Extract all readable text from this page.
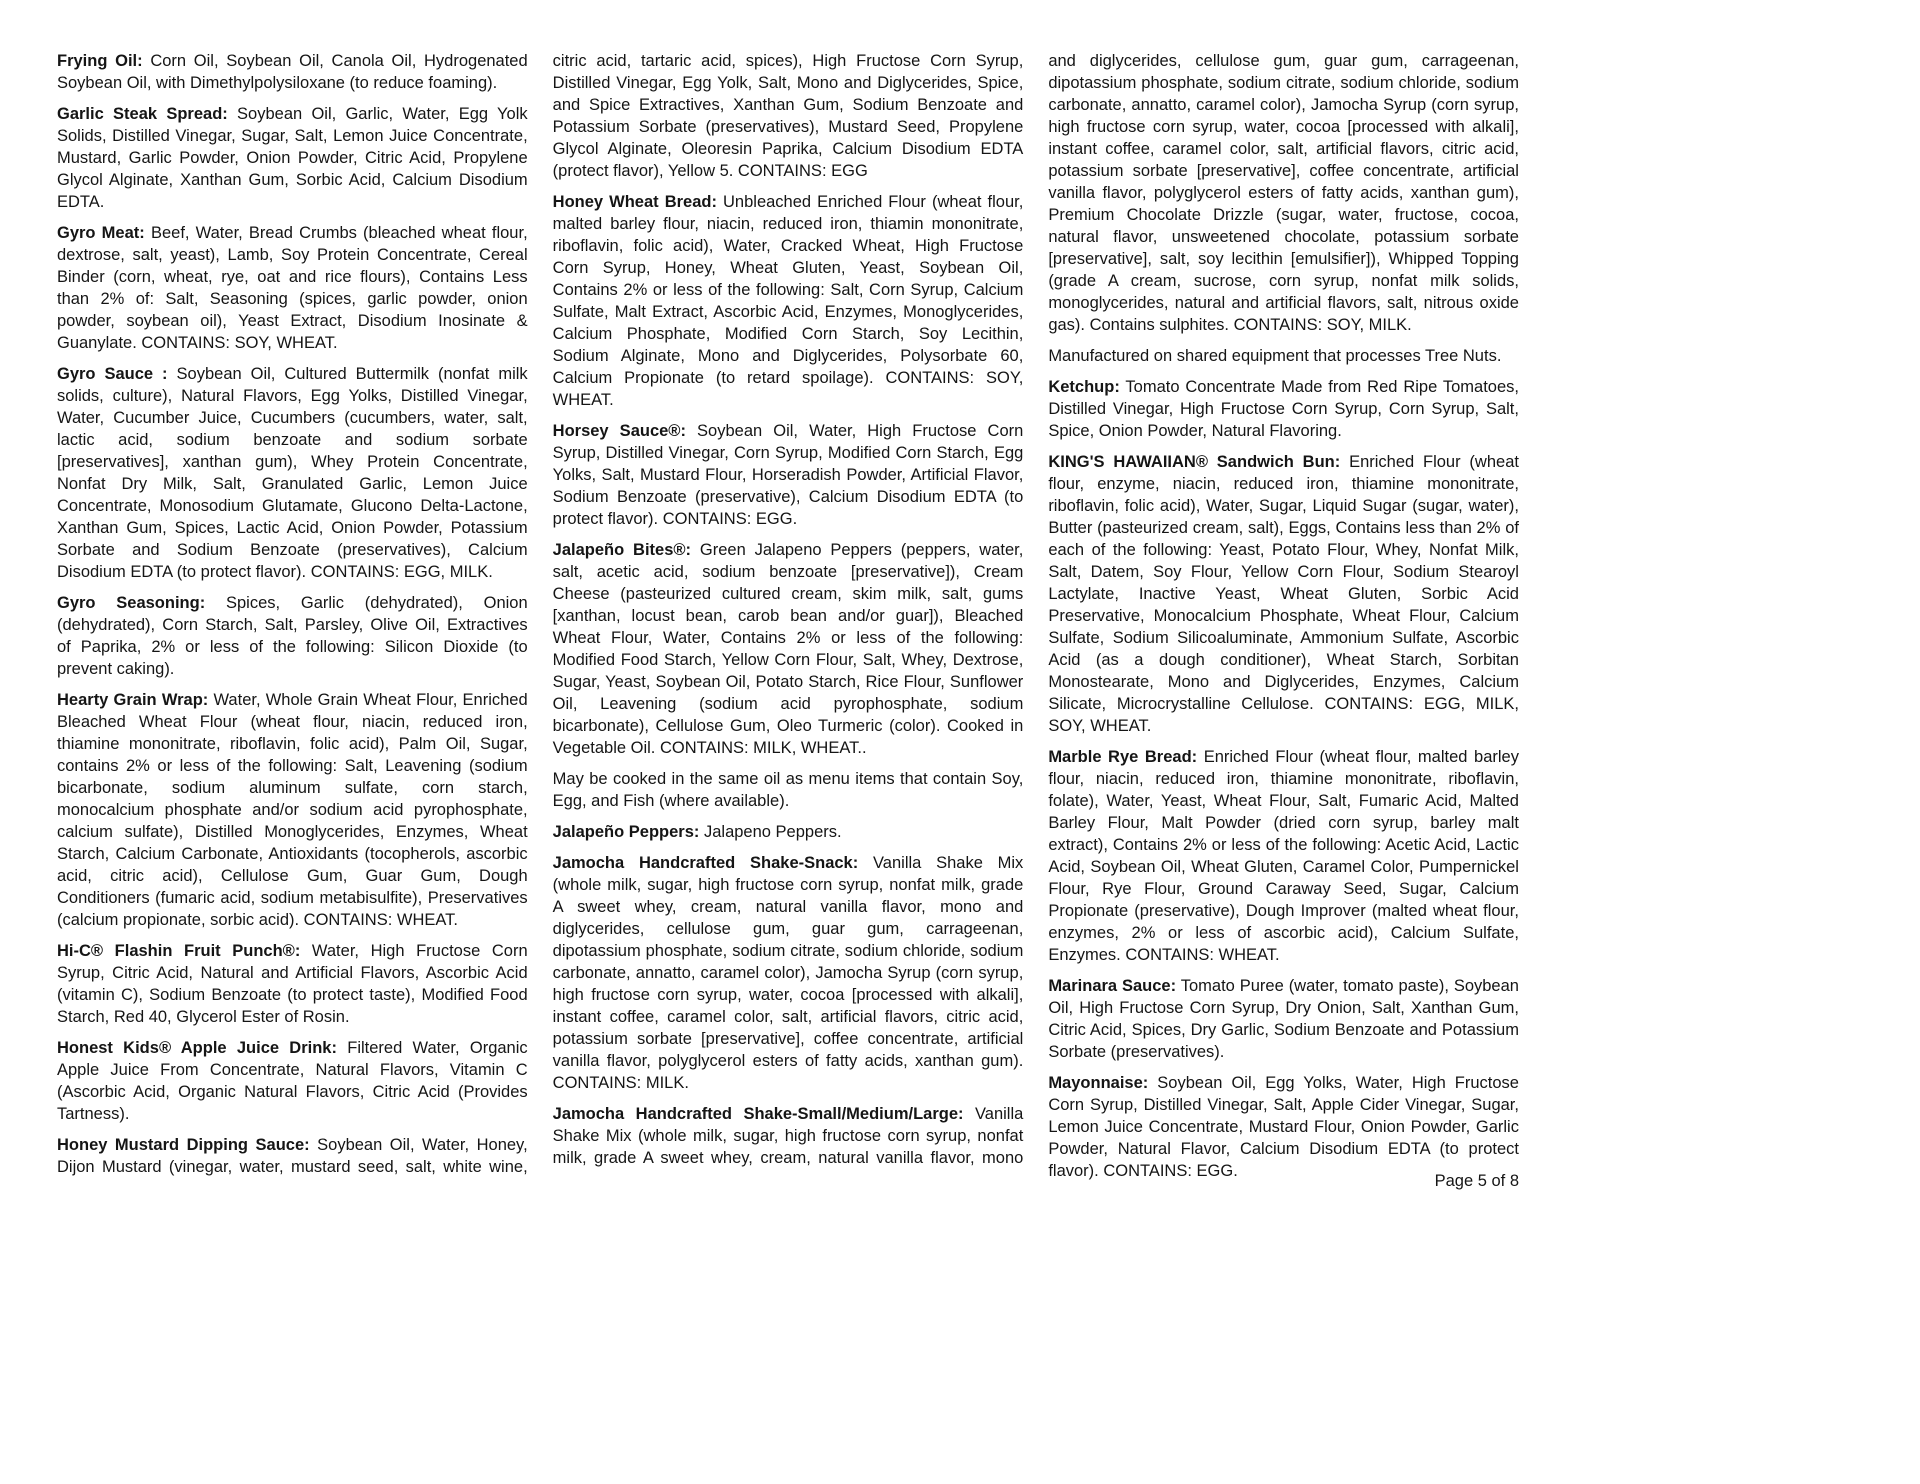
Frying Oil: Corn Oil, Soybean Oil, Canola Oil, Hydrogenated Soybean Oil, with Dimethylpolysiloxane (to reduce foaming).

Garlic Steak Spread: Soybean Oil, Garlic, Water, Egg Yolk Solids, Distilled Vinegar, Sugar, Salt, Lemon Juice Concentrate, Mustard, Garlic Powder, Onion Powder, Citric Acid, Propylene Glycol Alginate, Xanthan Gum, Sorbic Acid, Calcium Disodium EDTA.

Gyro Meat: Beef, Water, Bread Crumbs (bleached wheat flour, dextrose, salt, yeast), Lamb, Soy Protein Concentrate, Cereal Binder (corn, wheat, rye, oat and rice flours), Contains Less than 2% of: Salt, Seasoning (spices, garlic powder, onion powder, soybean oil), Yeast Extract, Disodium Inosinate & Guanylate. CONTAINS: SOY, WHEAT.

Gyro Sauce : Soybean Oil, Cultured Buttermilk (nonfat milk solids, culture), Natural Flavors, Egg Yolks, Distilled Vinegar, Water, Cucumber Juice, Cucumbers (cucumbers, water, salt, lactic acid, sodium benzoate and sodium sorbate [preservatives], xanthan gum), Whey Protein Concentrate, Nonfat Dry Milk, Salt, Granulated Garlic, Lemon Juice Concentrate, Monosodium Glutamate, Glucono Delta-Lactone, Xanthan Gum, Spices, Lactic Acid, Onion Powder, Potassium Sorbate and Sodium Benzoate (preservatives), Calcium Disodium EDTA (to protect flavor). CONTAINS: EGG, MILK.

Gyro Seasoning: Spices, Garlic (dehydrated), Onion (dehydrated), Corn Starch, Salt, Parsley, Olive Oil, Extractives of Paprika, 2% or less of the following: Silicon Dioxide (to prevent caking).

Hearty Grain Wrap: Water, Whole Grain Wheat Flour, Enriched Bleached Wheat Flour (wheat flour, niacin, reduced iron, thiamine mononitrate, riboflavin, folic acid), Palm Oil, Sugar, contains 2% or less of the following: Salt, Leavening (sodium bicarbonate, sodium aluminum sulfate, corn starch, monocalcium phosphate and/or sodium acid pyrophosphate, calcium sulfate), Distilled Monoglycerides, Enzymes, Wheat Starch, Calcium Carbonate, Antioxidants (tocopherols, ascorbic acid, citric acid), Cellulose Gum, Guar Gum, Dough Conditioners (fumaric acid, sodium metabisulfite), Preservatives (calcium propionate, sorbic acid). CONTAINS: WHEAT.

Hi-C® Flashin Fruit Punch®: Water, High Fructose Corn Syrup, Citric Acid, Natural and Artificial Flavors, Ascorbic Acid (vitamin C), Sodium Benzoate (to protect taste), Modified Food Starch, Red 40, Glycerol Ester of Rosin.

Honest Kids® Apple Juice Drink: Filtered Water, Organic Apple Juice From Concentrate, Natural Flavors, Vitamin C (Ascorbic Acid, Organic Natural Flavors, Citric Acid (Provides Tartness).

Honey Mustard Dipping Sauce: Soybean Oil, Water, Honey, Dijon Mustard (vinegar, water, mustard seed, salt, white wine, citric acid, tartaric acid, spices), High Fructose Corn Syrup, Distilled Vinegar, Egg Yolk, Salt, Mono and Diglycerides, Spice, and Spice Extractives, Xanthan Gum, Sodium Benzoate and Potassium Sorbate (preservatives), Mustard Seed, Propylene Glycol Alginate, Oleoresin Paprika, Calcium Disodium EDTA (protect flavor), Yellow 5. CONTAINS: EGG

Honey Wheat Bread: Unbleached Enriched Flour (wheat flour, malted barley flour, niacin, reduced iron, thiamin mononitrate, riboflavin, folic acid), Water, Cracked Wheat, High Fructose Corn Syrup, Honey, Wheat Gluten, Yeast, Soybean Oil, Contains 2% or less of the following: Salt, Corn Syrup, Calcium Sulfate, Malt Extract, Ascorbic Acid, Enzymes, Monoglycerides, Calcium Phosphate, Modified Corn Starch, Soy Lecithin, Sodium Alginate, Mono and Diglycerides, Polysorbate 60, Calcium Propionate (to retard spoilage). CONTAINS: SOY, WHEAT.

Horsey Sauce®: Soybean Oil, Water, High Fructose Corn Syrup, Distilled Vinegar, Corn Syrup, Modified Corn Starch, Egg Yolks, Salt, Mustard Flour, Horseradish Powder, Artificial Flavor, Sodium Benzoate (preservative), Calcium Disodium EDTA (to protect flavor). CONTAINS: EGG.

Jalapeño Bites®: Green Jalapeno Peppers (peppers, water, salt, acetic acid, sodium benzoate [preservative]), Cream Cheese (pasteurized cultured cream, skim milk, salt, gums [xanthan, locust bean, carob bean and/or guar]), Bleached Wheat Flour, Water, Contains 2% or less of the following: Modified Food Starch, Yellow Corn Flour, Salt, Whey, Dextrose, Sugar, Yeast, Soybean Oil, Potato Starch, Rice Flour, Sunflower Oil, Leavening (sodium acid pyrophosphate, sodium bicarbonate), Cellulose Gum, Oleo Turmeric (color). Cooked in Vegetable Oil. CONTAINS: MILK, WHEAT..

May be cooked in the same oil as menu items that contain Soy, Egg, and Fish (where available).

Jalapeño Peppers: Jalapeno Peppers.

Jamocha Handcrafted Shake-Snack: Vanilla Shake Mix (whole milk, sugar, high fructose corn syrup, nonfat milk, grade A sweet whey, cream, natural vanilla flavor, mono and diglycerides, cellulose gum, guar gum, carrageenan, dipotassium phosphate, sodium citrate, sodium chloride, sodium carbonate, annatto, caramel color), Jamocha Syrup (corn syrup, high fructose corn syrup, water, cocoa [processed with alkali], instant coffee, caramel color, salt, artificial flavors, citric acid, potassium sorbate [preservative], coffee concentrate, artificial vanilla flavor, polyglycerol esters of fatty acids, xanthan gum). CONTAINS: MILK.

Jamocha Handcrafted Shake-Small/Medium/Large: Vanilla Shake Mix (whole milk, sugar, high fructose corn syrup, nonfat milk, grade A sweet whey, cream, natural vanilla flavor, mono and diglycerides, cellulose gum, guar gum, carrageenan, dipotassium phosphate, sodium citrate, sodium chloride, sodium carbonate, annatto, caramel color), Jamocha Syrup (corn syrup, high fructose corn syrup, water, cocoa [processed with alkali], instant coffee, caramel color, salt, artificial flavors, citric acid, potassium sorbate [preservative], coffee concentrate, artificial vanilla flavor, polyglycerol esters of fatty acids, xanthan gum), Premium Chocolate Drizzle (sugar, water, fructose, cocoa, natural flavor, unsweetened chocolate, potassium sorbate [preservative], salt, soy lecithin [emulsifier]), Whipped Topping (grade A cream, sucrose, corn syrup, nonfat milk solids, monoglycerides, natural and artificial flavors, salt, nitrous oxide gas). Contains sulphites. CONTAINS: SOY, MILK.

Manufactured on shared equipment that processes Tree Nuts.

Ketchup: Tomato Concentrate Made from Red Ripe Tomatoes, Distilled Vinegar, High Fructose Corn Syrup, Corn Syrup, Salt, Spice, Onion Powder, Natural Flavoring.

KING'S HAWAIIAN® Sandwich Bun: Enriched Flour (wheat flour, enzyme, niacin, reduced iron, thiamine mononitrate, riboflavin, folic acid), Water, Sugar, Liquid Sugar (sugar, water), Butter (pasteurized cream, salt), Eggs, Contains less than 2% of each of the following: Yeast, Potato Flour, Whey, Nonfat Milk, Salt, Datem, Soy Flour, Yellow Corn Flour, Sodium Stearoyl Lactylate, Inactive Yeast, Wheat Gluten, Sorbic Acid Preservative, Monocalcium Phosphate, Wheat Flour, Calcium Sulfate, Sodium Silicoaluminate, Ammonium Sulfate, Ascorbic Acid (as a dough conditioner), Wheat Starch, Sorbitan Monostearate, Mono and Diglycerides, Enzymes, Calcium Silicate, Microcrystalline Cellulose. CONTAINS: EGG, MILK, SOY, WHEAT.

Marble Rye Bread: Enriched Flour (wheat flour, malted barley flour, niacin, reduced iron, thiamine mononitrate, riboflavin, folate), Water, Yeast, Wheat Flour, Salt, Fumaric Acid, Malted Barley Flour, Malt Powder (dried corn syrup, barley malt extract), Contains 2% or less of the following: Acetic Acid, Lactic Acid, Soybean Oil, Wheat Gluten, Caramel Color, Pumpernickel Flour, Rye Flour, Ground Caraway Seed, Sugar, Calcium Propionate (preservative), Dough Improver (malted wheat flour, enzymes, 2% or less of ascorbic acid), Calcium Sulfate, Enzymes. CONTAINS: WHEAT.

Marinara Sauce: Tomato Puree (water, tomato paste), Soybean Oil, High Fructose Corn Syrup, Dry Onion, Salt, Xanthan Gum, Citric Acid, Spices, Dry Garlic, Sodium Benzoate and Potassium Sorbate (preservatives).

Mayonnaise: Soybean Oil, Egg Yolks, Water, High Fructose Corn Syrup, Distilled Vinegar, Salt, Apple Cider Vinegar, Sugar, Lemon Juice Concentrate, Mustard Flour, Onion Powder, Garlic Powder, Natural Flavor, Calcium Disodium EDTA (to protect flavor). CONTAINS: EGG.

Page 5 of 8
